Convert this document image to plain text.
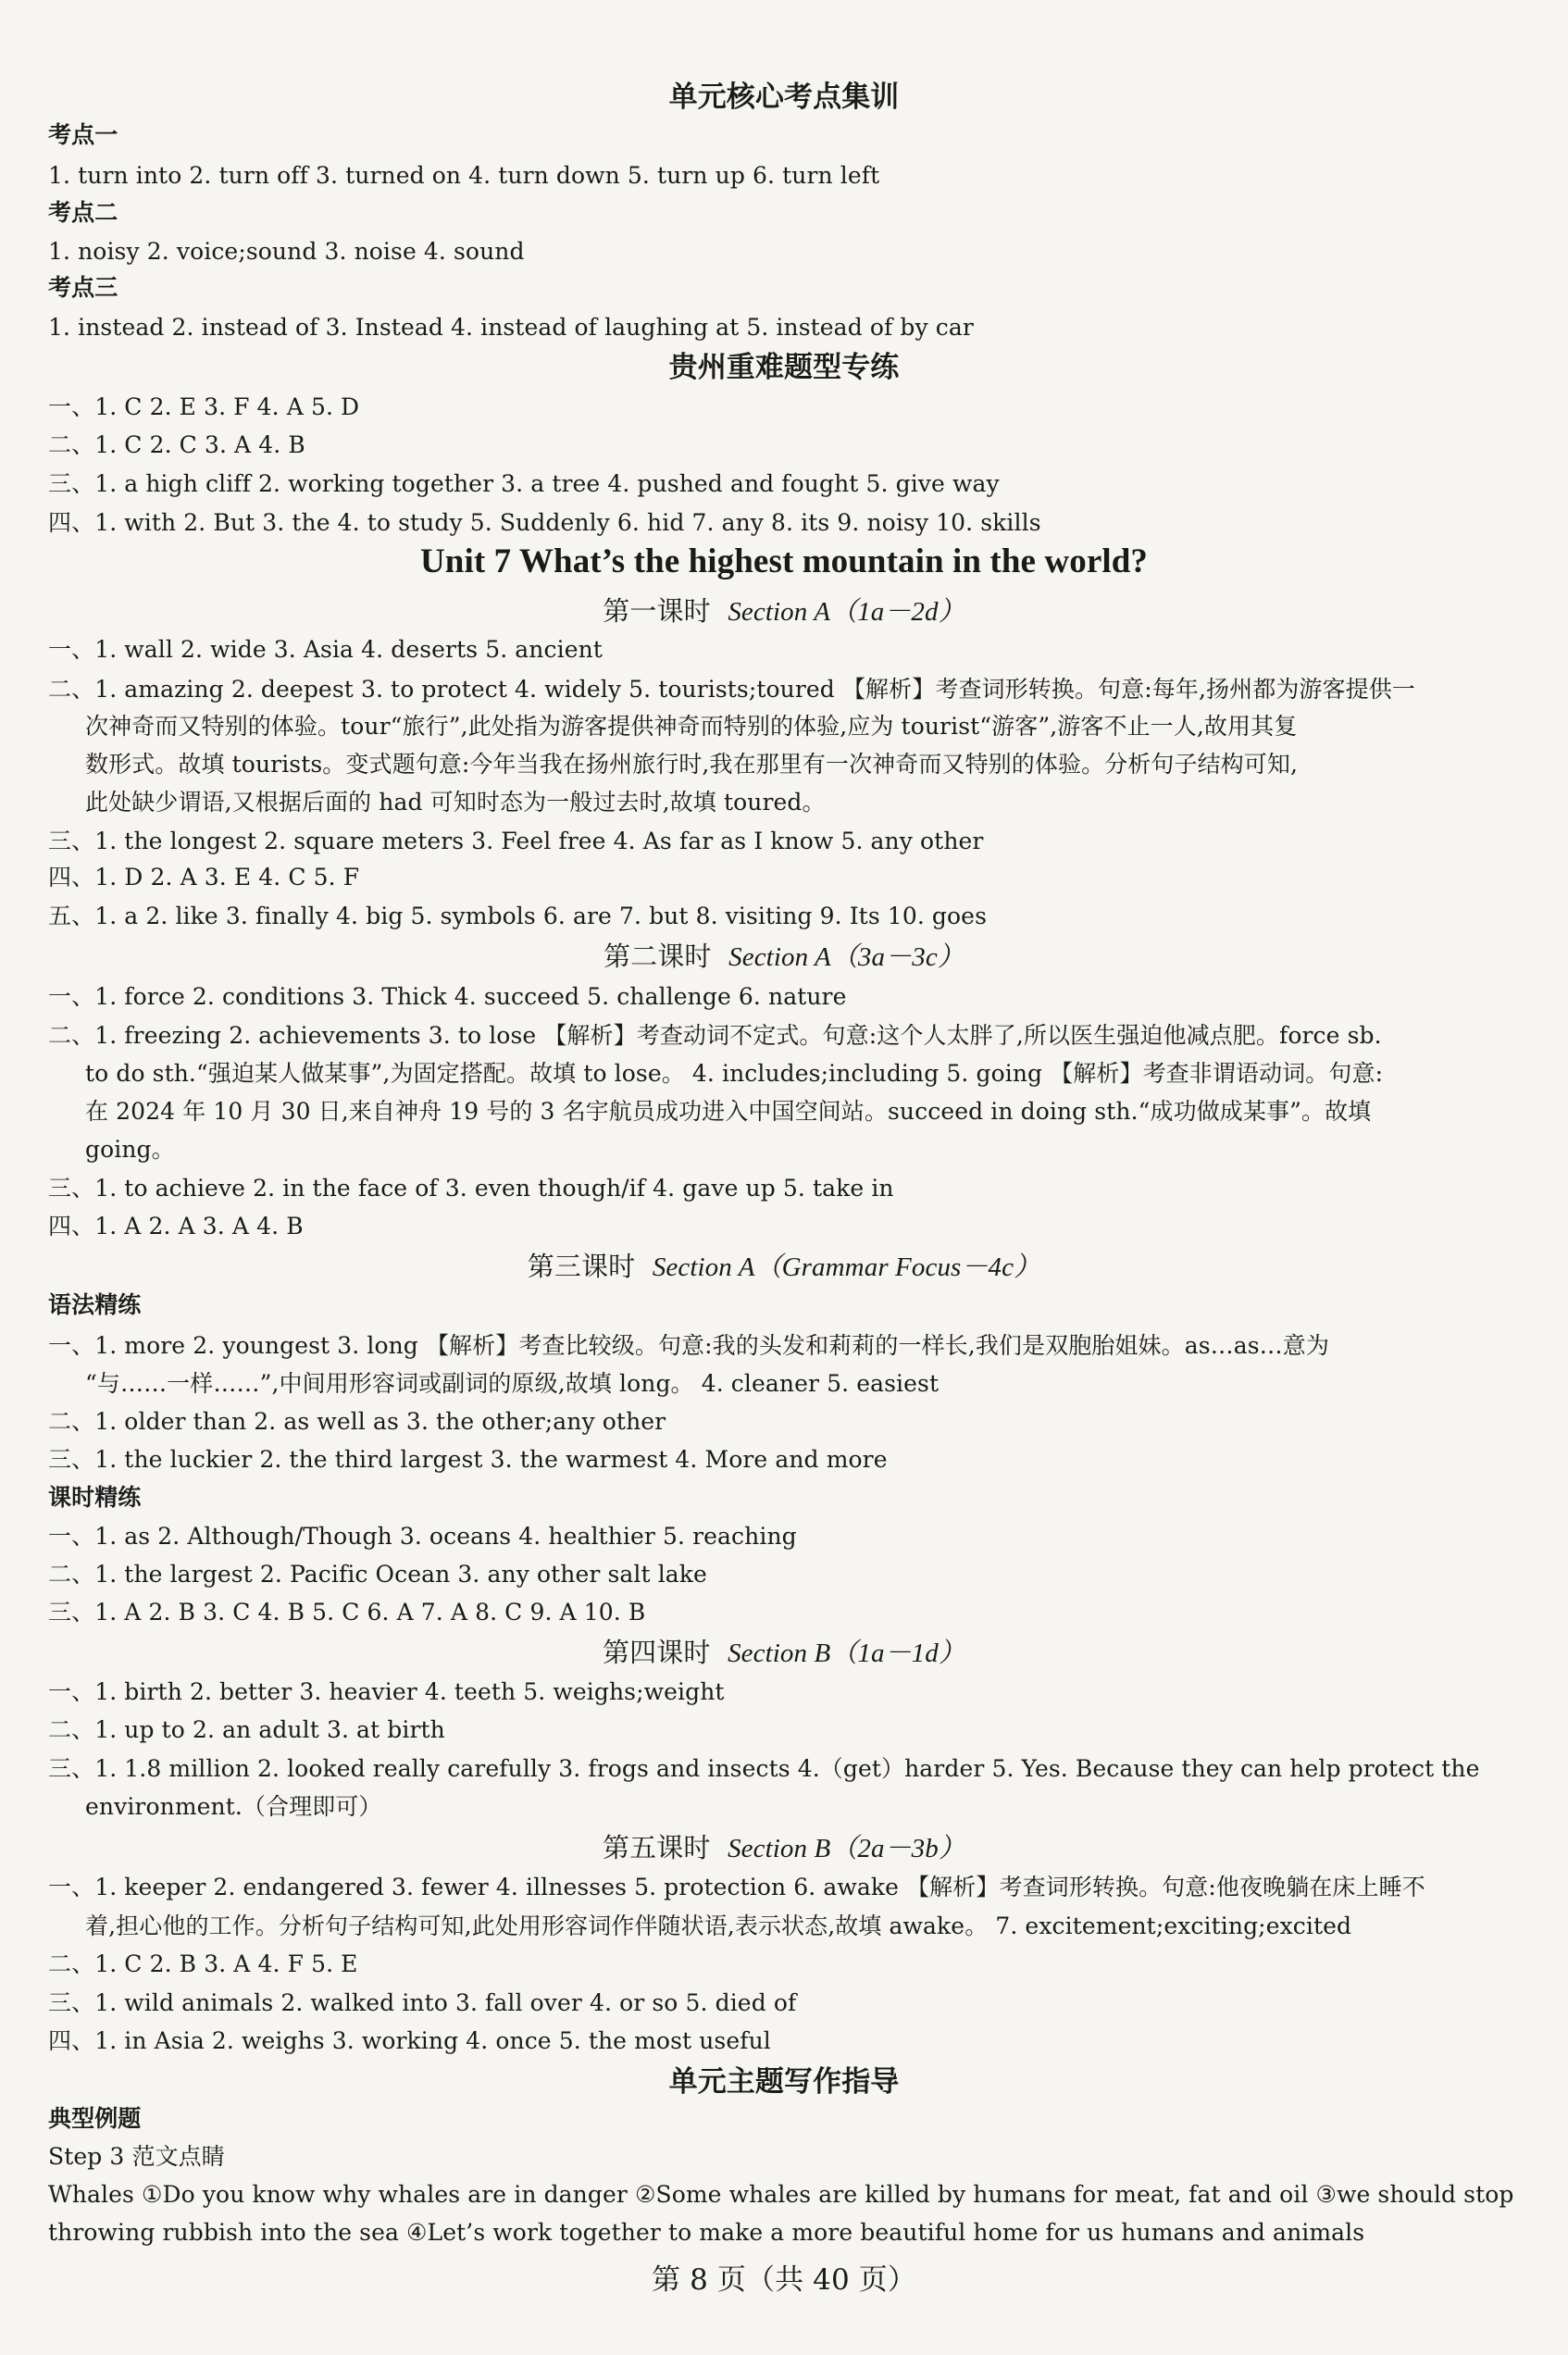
单元核心考点集训
考点一
1. turn into 2. turn off 3. turned on 4. turn down 5. turn up 6. turn left
考点二
1. noisy 2. voice;sound 3. noise 4. sound
考点三
1. instead 2. instead of 3. Instead 4. instead of laughing at 5. instead of by car
贵州重难题型专练
一、1. C 2. E 3. F 4. A 5. D
二、1. C 2. C 3. A 4. B
三、1. a high cliff 2. working together 3. a tree 4. pushed and fought 5. give way
四、1. with 2. But 3. the 4. to study 5. Suddenly 6. hid 7. any 8. its 9. noisy 10. skills
Unit 7 What’s the highest mountain in the world?
第一课时 Section A（1a－2d）
一、1. wall 2. wide 3. Asia 4. deserts 5. ancient
二、1. amazing 2. deepest 3. to protect 4. widely 5. tourists;toured 【解析】考查词形转换。句意:每年,扬州都为游客提供一
次神奇而又特别的体验。tour“旅行”,此处指为游客提供神奇而特别的体验,应为 tourist“游客”,游客不止一人,故用其复
数形式。故填 tourists。变式题句意:今年当我在扬州旅行时,我在那里有一次神奇而又特别的体验。分析句子结构可知,
此处缺少谓语,又根据后面的 had 可知时态为一般过去时,故填 toured。
三、1. the longest 2. square meters 3. Feel free 4. As far as I know 5. any other
四、1. D 2. A 3. E 4. C 5. F
五、1. a 2. like 3. finally 4. big 5. symbols 6. are 7. but 8. visiting 9. Its 10. goes
第二课时 Section A（3a－3c）
一、1. force 2. conditions 3. Thick 4. succeed 5. challenge 6. nature
二、1. freezing 2. achievements 3. to lose 【解析】考查动词不定式。句意:这个人太胖了,所以医生强迫他减点肥。force sb.
to do sth.“强迫某人做某事”,为固定搭配。故填 to lose。 4. includes;including 5. going 【解析】考查非谓语动词。句意:
在 2024 年 10 月 30 日,来自神舟 19 号的 3 名宇航员成功进入中国空间站。succeed in doing sth.“成功做成某事”。故填
going。
三、1. to achieve 2. in the face of 3. even though/if 4. gave up 5. take in
四、1. A 2. A 3. A 4. B
第三课时 Section A（Grammar Focus－4c）
语法精练
一、1. more 2. youngest 3. long 【解析】考查比较级。句意:我的头发和莉莉的一样长,我们是双胞胎姐妹。as…as…意为
“与……一样……”,中间用形容词或副词的原级,故填 long。 4. cleaner 5. easiest
二、1. older than 2. as well as 3. the other;any other
三、1. the luckier 2. the third largest 3. the warmest 4. More and more
课时精练
一、1. as 2. Although/Though 3. oceans 4. healthier 5. reaching
二、1. the largest 2. Pacific Ocean 3. any other salt lake
三、1. A 2. B 3. C 4. B 5. C 6. A 7. A 8. C 9. A 10. B
第四课时 Section B（1a－1d）
一、1. birth 2. better 3. heavier 4. teeth 5. weighs;weight
二、1. up to 2. an adult 3. at birth
三、1. 1.8 million 2. looked really carefully 3. frogs and insects 4.（get）harder 5. Yes. Because they can help protect the
environment.（合理即可）
第五课时 Section B（2a－3b）
一、1. keeper 2. endangered 3. fewer 4. illnesses 5. protection 6. awake 【解析】考查词形转换。句意:他夜晚躺在床上睡不
着,担心他的工作。分析句子结构可知,此处用形容词作伴随状语,表示状态,故填 awake。 7. excitement;exciting;excited
二、1. C 2. B 3. A 4. F 5. E
三、1. wild animals 2. walked into 3. fall over 4. or so 5. died of
四、1. in Asia 2. weighs 3. working 4. once 5. the most useful
单元主题写作指导
典型例题
Step 3 范文点睛
Whales ①Do you know why whales are in danger ②Some whales are killed by humans for meat, fat and oil ③we should stop
throwing rubbish into the sea ④Let’s work together to make a more beautiful home for us humans and animals
第 8 页（共 40 页）
